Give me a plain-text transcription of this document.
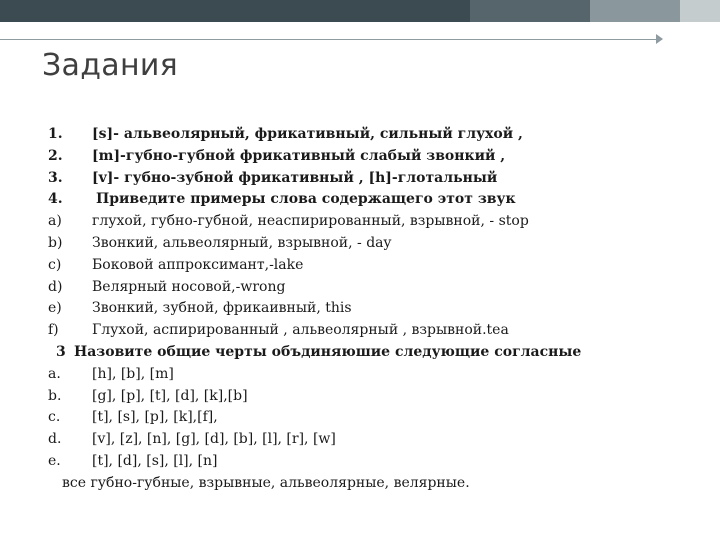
Задания
1.	[s]- альвеолярный, фрикативный, сильный глухой ,
2.	[m]-губно-губной фрикативный слабый звонкий ,
3.	[v]- губно-зубной фрикативный , [h]-глотальный
4.	Приведите примеры слова содержащего этот звук
a)	глухой, губно-губной, неаспирированный, взрывной, - stop
b)	Звонкий, альвеолярный, взрывной, - day
c)	Боковой аппроксимант,-lake
d)	Велярный носовой,-wrong
e)	Звонкий, зубной, фрикаивный, this
f)	Глухой, аспирированный , альвеолярный , взрывной.tea
3 Назовите общие черты объдиняюшие следующие согласные
a.	[h], [b], [m]
b.	[g], [p], [t], [d], [k],[b]
c.	[t], [s], [p], [k],[f],
d.	[v], [z], [n], [g], [d], [b], [l], [r], [w]
e.	[t], [d], [s], [l], [n]
все губно-губные, взрывные, альвеолярные, велярные.
